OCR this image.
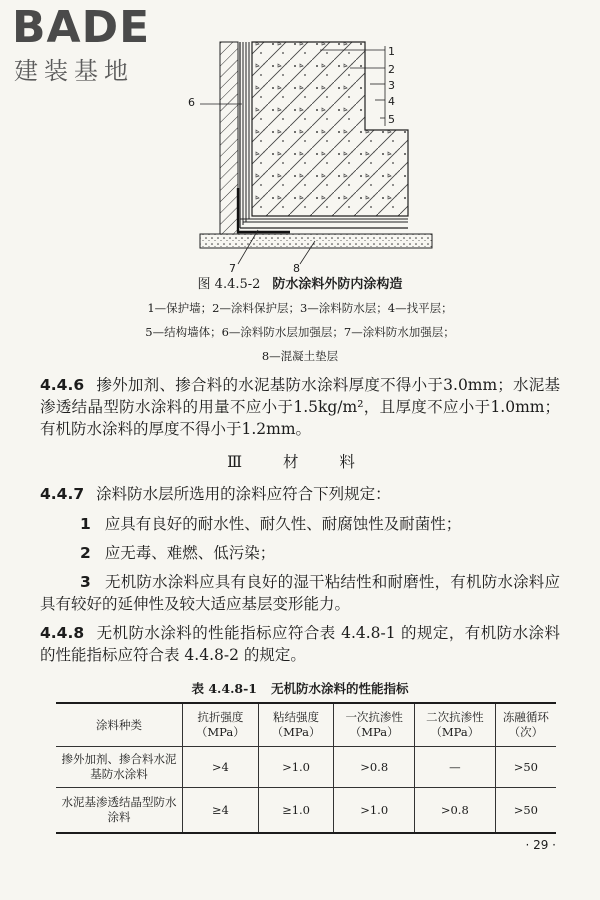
BADE
建装基地
1
2
3
4
5
6
7	8
图 4.4.5-2 防水涂料外防内涂构造
1—保护墙；2—涂料保护层；3—涂料防水层；4—找平层；
5—结构墙体；6—涂料防水层加强层；7—涂料防水加强层；
8—混凝土垫层
4.4.6 掺外加剂、掺合料的水泥基防水涂料厚度不得小于3.0mm；水泥基渗透结晶型防水涂料的用量不应小于1.5kg/m²，且厚度不应小于1.0mm；有机防水涂料的厚度不得小于1.2mm。
Ⅲ 材 料
4.4.7 涂料防水层所选用的涂料应符合下列规定：
1 应具有良好的耐水性、耐久性、耐腐蚀性及耐菌性；
2 应无毒、难燃、低污染；
3 无机防水涂料应具有良好的湿干粘结性和耐磨性，有机防水涂料应具有较好的延伸性及较大适应基层变形能力。
4.4.8 无机防水涂料的性能指标应符合表 4.4.8-1 的规定，有机防水涂料的性能指标应符合表 4.4.8-2 的规定。
表 4.4.8-1 无机防水涂料的性能指标
涂料种类	抗折强度（MPa）	粘结强度（MPa）	一次抗渗性（MPa）	二次抗渗性（MPa）	冻融循环（次）
掺外加剂、掺合料水泥基防水涂料	>4	>1.0	>0.8	—	>50
水泥基渗透结晶型防水涂料	≥4	≥1.0	>1.0	>0.8	>50
· 29 ·
